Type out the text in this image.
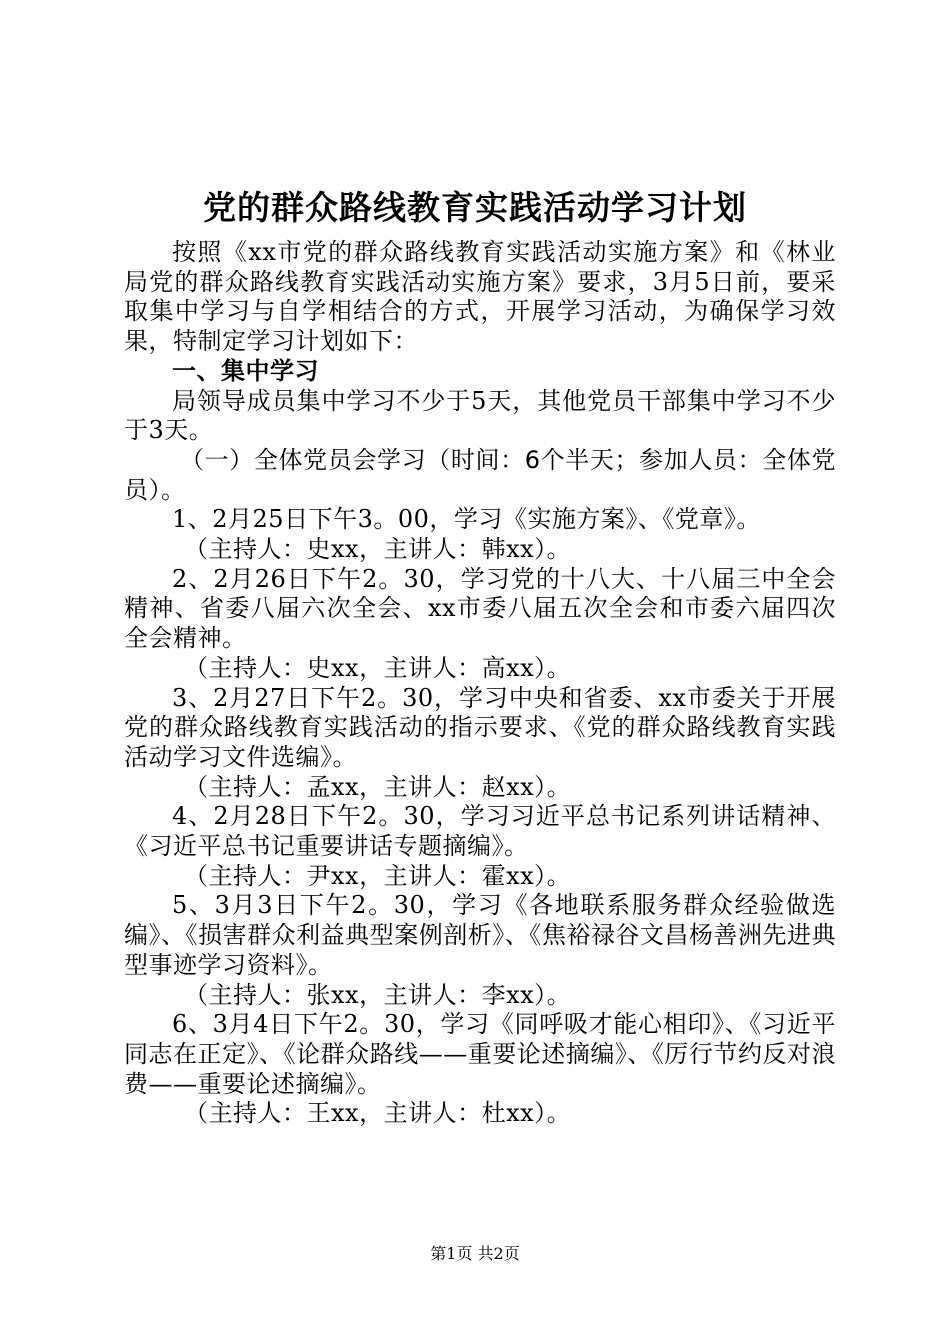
党的群众路线教育实践活动学习计划

按照《xx市党的群众路线教育实践活动实施方案》和《林业局党的群众路线教育实践活动实施方案》要求，3月5日前，要采取集中学习与自学相结合的方式，开展学习活动，为确保学习效果，特制定学习计划如下：

一、集中学习

局领导成员集中学习不少于5天，其他党员干部集中学习不少于3天。

（一）全体党员会学习（时间：6个半天；参加人员：全体党员）。

1、2月25日下午3。00，学习《实施方案》、《党章》。

（主持人：史xx，主讲人：韩xx）。

2、2月26日下午2。30，学习党的十八大、十八届三中全会精神、省委八届六次全会、xx市委八届五次全会和市委六届四次全会精神。

（主持人：史xx，主讲人：高xx）。

3、2月27日下午2。30，学习中央和省委、xx市委关于开展党的群众路线教育实践活动的指示要求、《党的群众路线教育实践活动学习文件选编》。

（主持人：孟xx，主讲人：赵xx）。

4、2月28日下午2。30，学习习近平总书记系列讲话精神、《习近平总书记重要讲话专题摘编》。

（主持人：尹xx，主讲人：霍xx）。

5、3月3日下午2。30，学习《各地联系服务群众经验做选编》、《损害群众利益典型案例剖析》、《焦裕禄谷文昌杨善洲先进典型事迹学习资料》。

（主持人：张xx，主讲人：李xx）。

6、3月4日下午2。30，学习《同呼吸才能心相印》、《习近平同志在正定》、《论群众路线——重要论述摘编》、《厉行节约反对浪费——重要论述摘编》。

（主持人：王xx，主讲人：杜xx）。

第1页 共2页
